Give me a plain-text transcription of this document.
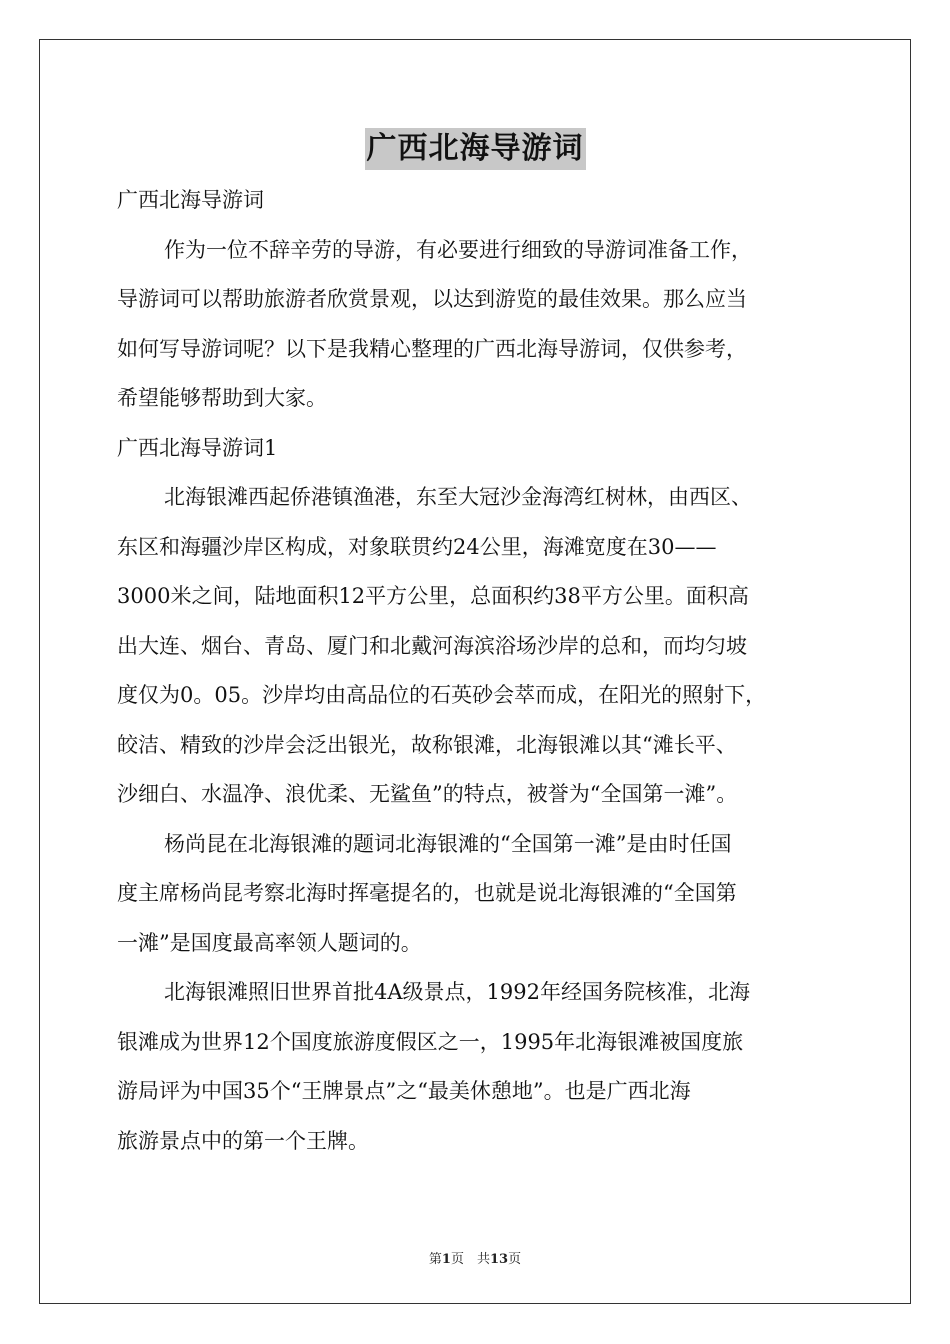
广西北海导游词

广西北海导游词

作为一位不辞辛劳的导游，有必要进行细致的导游词准备工作，

导游词可以帮助旅游者欣赏景观，以达到游览的最佳效果。那么应当

如何写导游词呢？以下是我精心整理的广西北海导游词，仅供参考，

希望能够帮助到大家。

广西北海导游词1

北海银滩西起侨港镇渔港，东至大冠沙金海湾红树林，由西区、

东区和海疆沙岸区构成，对象联贯约24公里，海滩宽度在30——

3000米之间，陆地面积12平方公里，总面积约38平方公里。面积高

出大连、烟台、青岛、厦门和北戴河海滨浴场沙岸的总和，而均匀坡

度仅为0。05。沙岸均由高品位的石英砂会萃而成，在阳光的照射下，

皎洁、精致的沙岸会泛出银光，故称银滩，北海银滩以其“滩长平、

沙细白、水温净、浪优柔、无鲨鱼”的特点，被誉为“全国第一滩”。

杨尚昆在北海银滩的题词北海银滩的“全国第一滩”是由时任国

度主席杨尚昆考察北海时挥毫提名的，也就是说北海银滩的“全国第

一滩”是国度最高率领人题词的。

北海银滩照旧世界首批4A级景点，1992年经国务院核准，北海

银滩成为世界12个国度旅游度假区之一，1995年北海银滩被国度旅

游局评为中国35个“王牌景点”之“最美休憩地”。也是广西北海

旅游景点中的第一个王牌。

第1页　共13页
